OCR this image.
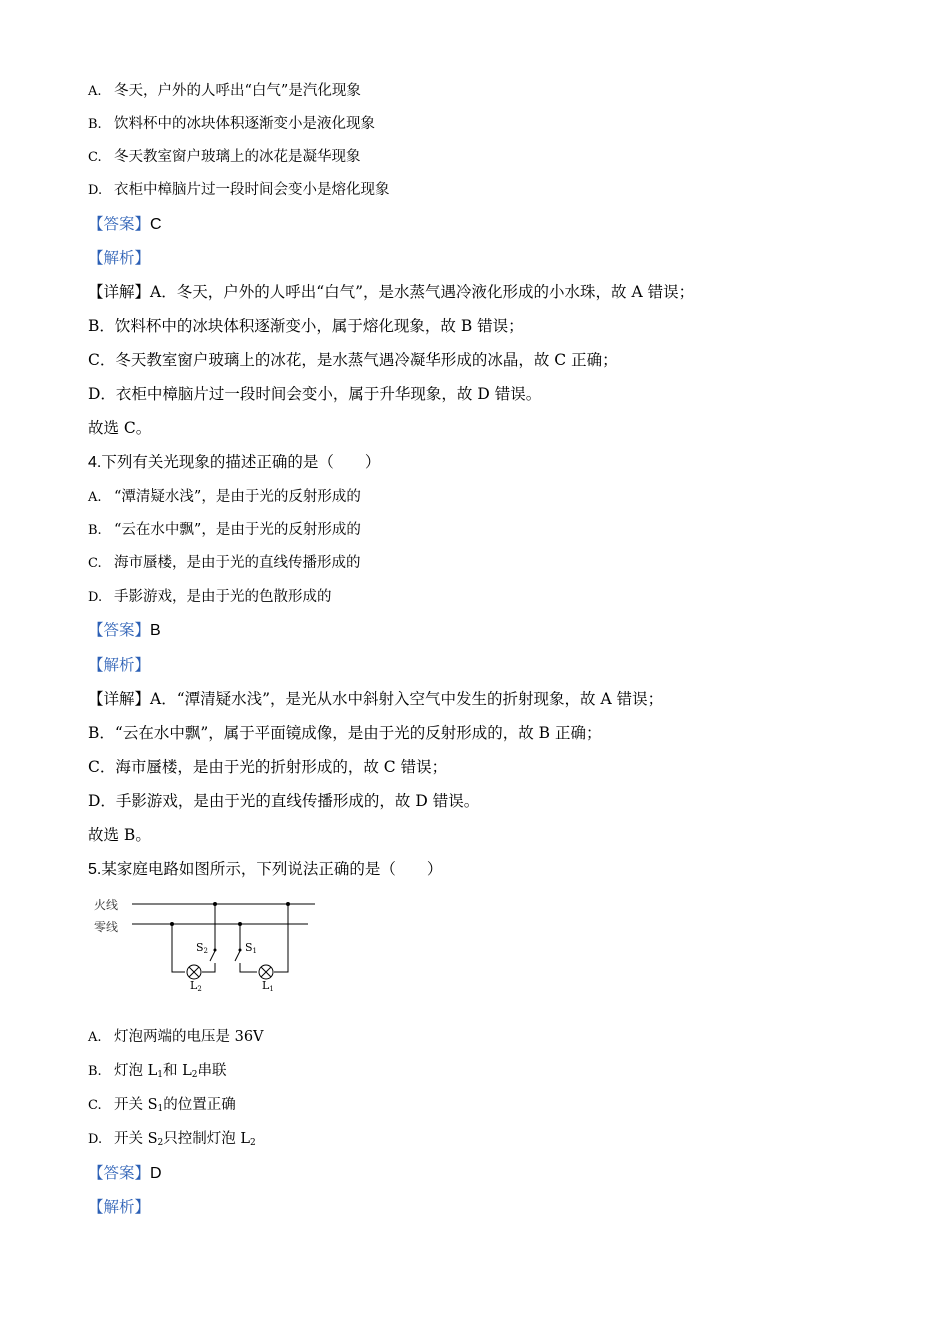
A. 冬天，户外的人呼出“白气”是汽化现象
B. 饮料杯中的冰块体积逐渐变小是液化现象
C. 冬天教室窗户玻璃上的冰花是凝华现象
D. 衣柜中樟脑片过一段时间会变小是熔化现象
【答案】C
【解析】
【详解】A．冬天，户外的人呼出“白气”，是水蒸气遇冷液化形成的小水珠，故 A 错误；
B．饮料杯中的冰块体积逐渐变小，属于熔化现象，故 B 错误；
C．冬天教室窗户玻璃上的冰花，是水蒸气遇冷凝华形成的冰晶，故 C 正确；
D．衣柜中樟脑片过一段时间会变小，属于升华现象，故 D 错误。
故选 C。
4.下列有关光现象的描述正确的是（　　）
A. “潭清疑水浅”，是由于光的反射形成的
B. “云在水中飘”，是由于光的反射形成的
C. 海市蜃楼，是由于光的直线传播形成的
D. 手影游戏，是由于光的色散形成的
【答案】B
【解析】
【详解】A．“潭清疑水浅”，是光从水中斜射入空气中发生的折射现象，故 A 错误；
B．“云在水中飘”，属于平面镜成像，是由于光的反射形成的，故 B 正确；
C．海市蜃楼，是由于光的折射形成的，故 C 错误；
D．手影游戏，是由于光的直线传播形成的，故 D 错误。
故选 B。
5.某家庭电路如图所示，下列说法正确的是（　　）
火线
零线
S2	S1
L2	L1
A. 灯泡两端的电压是 36V
B. 灯泡 $L_1$和 $L_2$串联
C. 开关 $S_1$的位置正确
D. 开关 $S_2$只控制灯泡 $L_2$
【答案】D
【解析】
